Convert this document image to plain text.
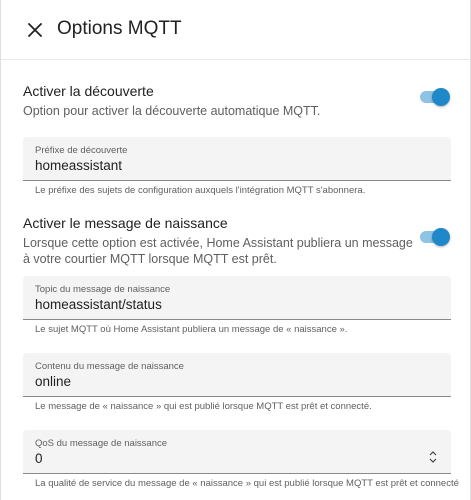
Options MQTT
Activer la découverte
Option pour activer la découverte automatique MQTT.
Préfixe de découverte
homeassistant
Le préfixe des sujets de configuration auxquels l'intégration MQTT s'abonnera.
Activer le message de naissance
Lorsque cette option est activée, Home Assistant publiera un message à votre courtier MQTT lorsque MQTT est prêt.
Topic du message de naissance
homeassistant/status
Le sujet MQTT où Home Assistant publiera un message de « naissance ».
Contenu du message de naissance
online
Le message de « naissance » qui est publié lorsque MQTT est prêt et connecté.
QoS du message de naissance
0
La qualité de service du message de « naissance » qui est publié lorsque MQTT est prêt et connecté
